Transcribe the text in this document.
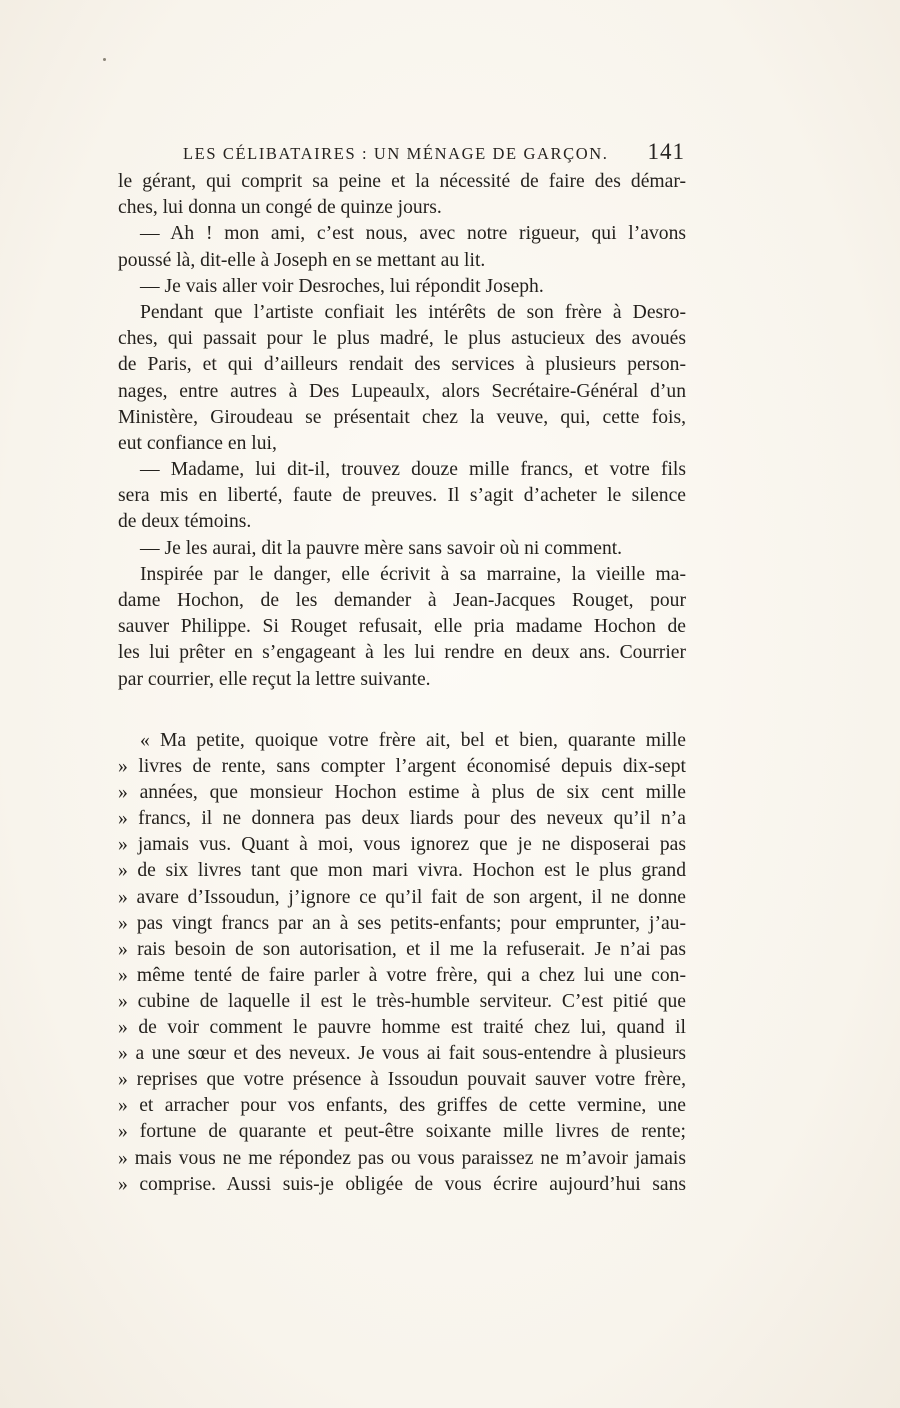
LES CÉLIBATAIRES : UN MÉNAGE DE GARÇON. 141
le gérant, qui comprit sa peine et la nécessité de faire des démar-
ches, lui donna un congé de quinze jours.
— Ah ! mon ami, c’est nous, avec notre rigueur, qui l’avons
poussé là, dit-elle à Joseph en se mettant au lit.
— Je vais aller voir Desroches, lui répondit Joseph.
Pendant que l’artiste confiait les intérêts de son frère à Desro-
ches, qui passait pour le plus madré, le plus astucieux des avoués
de Paris, et qui d’ailleurs rendait des services à plusieurs person-
nages, entre autres à Des Lupeaulx, alors Secrétaire-Général d’un
Ministère, Giroudeau se présentait chez la veuve, qui, cette fois,
eut confiance en lui,
— Madame, lui dit-il, trouvez douze mille francs, et votre fils
sera mis en liberté, faute de preuves. Il s’agit d’acheter le silence
de deux témoins.
— Je les aurai, dit la pauvre mère sans savoir où ni comment.
Inspirée par le danger, elle écrivit à sa marraine, la vieille ma-
dame Hochon, de les demander à Jean-Jacques Rouget, pour
sauver Philippe. Si Rouget refusait, elle pria madame Hochon de
les lui prêter en s’engageant à les lui rendre en deux ans. Courrier
par courrier, elle reçut la lettre suivante.
« Ma petite, quoique votre frère ait, bel et bien, quarante mille
» livres de rente, sans compter l’argent économisé depuis dix-sept
» années, que monsieur Hochon estime à plus de six cent mille
» francs, il ne donnera pas deux liards pour des neveux qu’il n’a
» jamais vus. Quant à moi, vous ignorez que je ne disposerai pas
» de six livres tant que mon mari vivra. Hochon est le plus grand
» avare d’Issoudun, j’ignore ce qu’il fait de son argent, il ne donne
» pas vingt francs par an à ses petits-enfants; pour emprunter, j’au-
» rais besoin de son autorisation, et il me la refuserait. Je n’ai pas
» même tenté de faire parler à votre frère, qui a chez lui une con-
» cubine de laquelle il est le très-humble serviteur. C’est pitié que
» de voir comment le pauvre homme est traité chez lui, quand il
» a une sœur et des neveux. Je vous ai fait sous-entendre à plusieurs
» reprises que votre présence à Issoudun pouvait sauver votre frère,
» et arracher pour vos enfants, des griffes de cette vermine, une
» fortune de quarante et peut-être soixante mille livres de rente;
» mais vous ne me répondez pas ou vous paraissez ne m’avoir jamais
» comprise. Aussi suis-je obligée de vous écrire aujourd’hui sans
